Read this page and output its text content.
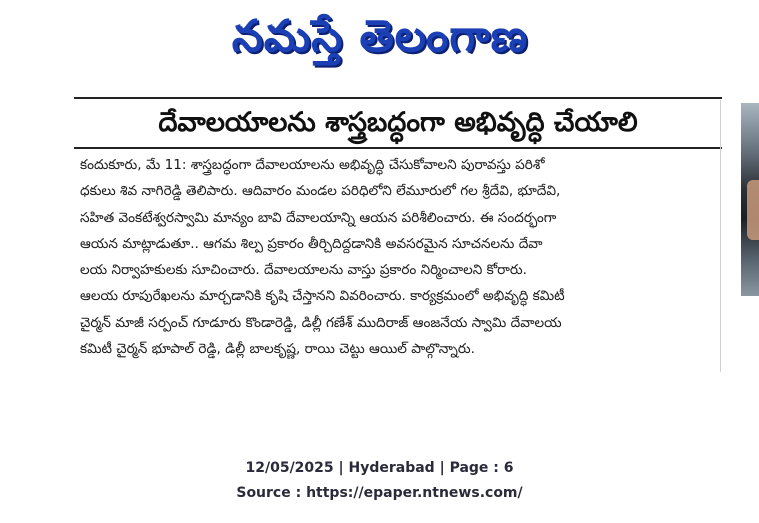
నమస్తే తెలంగాణ
దేవాలయాలను శాస్త్రబద్ధంగా అభివృద్ధి చేయాలి
కందుకూరు, మే 11: శాస్త్రబద్ధంగా దేవాలయాలను అభివృద్ధి చేసుకోవాలని పురావస్తు పరిశో
ధకులు శివ నాగిరెడ్డి తెలిపారు. ఆదివారం మండల పరిధిలోని లేమూరులో గల శ్రీదేవి, భూదేవి,
సహిత వెంకటేశ్వరస్వామి మాన్యం బావి దేవాలయాన్ని ఆయన పరిశీలించారు. ఈ సందర్భంగా
ఆయన మాట్లాడుతూ.. ఆగమ శిల్ప ప్రకారం తీర్చిదిద్దడానికి అవసరమైన సూచనలను దేవా
లయ నిర్వాహకులకు సూచించారు. దేవాలయాలను వాస్తు ప్రకారం నిర్మించాలని కోరారు.
ఆలయ రూపురేఖలను మార్చడానికి కృషి చేస్తానని వివరించారు. కార్యక్రమంలో అభివృద్ధి కమిటీ
చైర్మన్ మాజీ సర్పంచ్ గూడూరు కొండారెడ్డి, డిల్లీ గణేశ్ ముదిరాజ్ ఆంజనేయ స్వామి దేవాలయ
కమిటీ చైర్మన్ భూపాల్ రెడ్డి, డిల్లీ బాలకృష్ణ, రాయి చెట్టు ఆయిల్ పాల్గొన్నారు.
12/05/2025 | Hyderabad | Page : 6
Source : https://epaper.ntnews.com/
